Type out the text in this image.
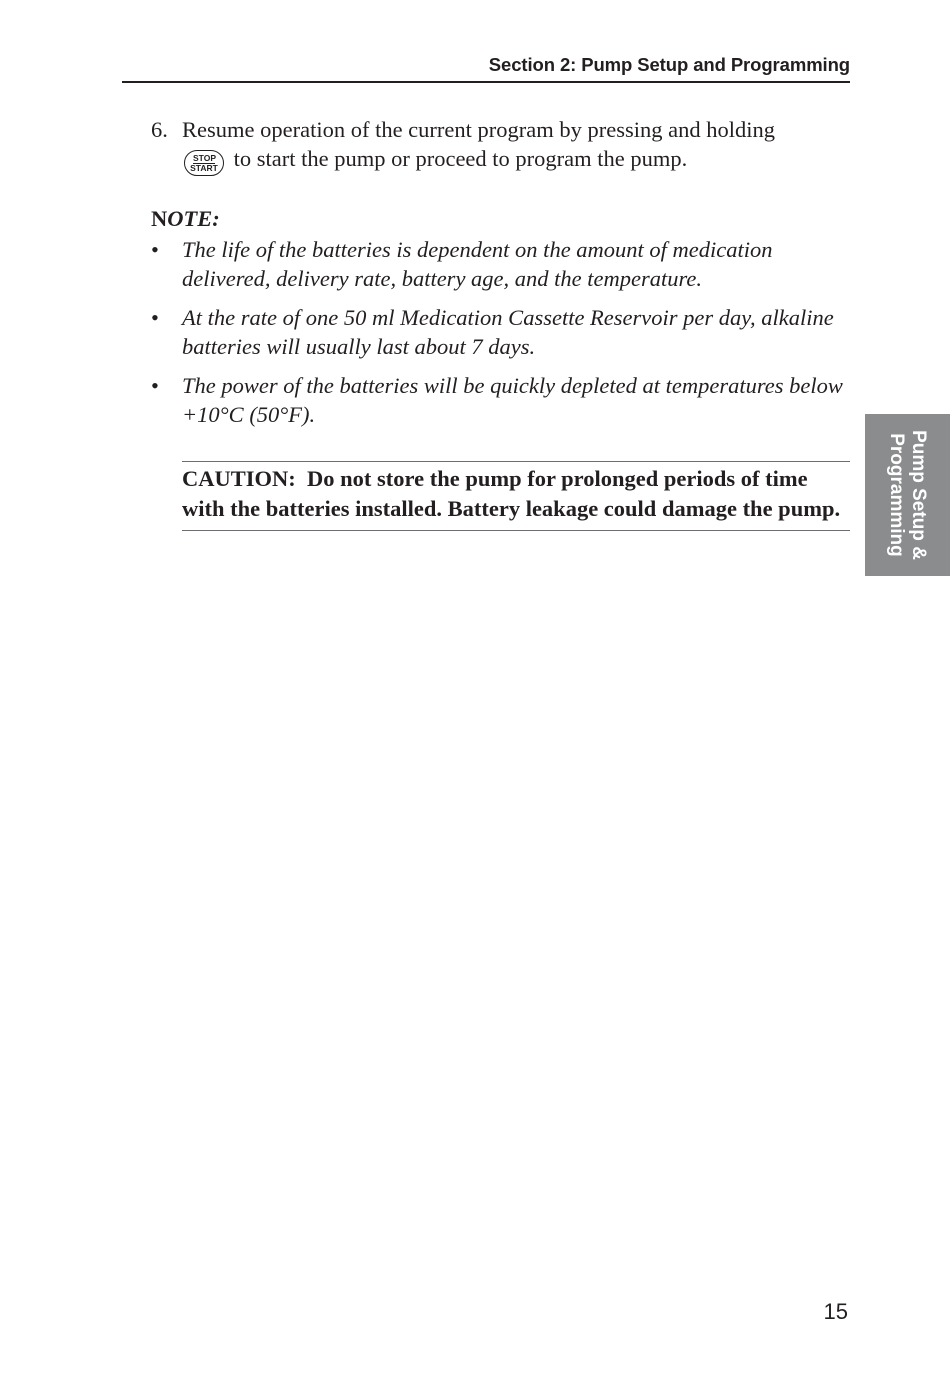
Section 2: Pump Setup and Programming
6. Resume operation of the current program by pressing and holding

STOP
START to start the pump or proceed to program the pump.
NOTE:
• The life of the batteries is dependent on the amount of medication delivered, delivery rate, battery age, and the temperature.
• At the rate of one 50 ml Medication Cassette Reservoir per day, alkaline batteries will usually last about 7 days.
• The power of the batteries will be quickly depleted at temperatures below +10°C (50°F).
CAUTION:  Do not store the pump for prolonged periods of time with the batteries installed. Battery leakage could damage the pump.	Pump Setup &
Programming
15
